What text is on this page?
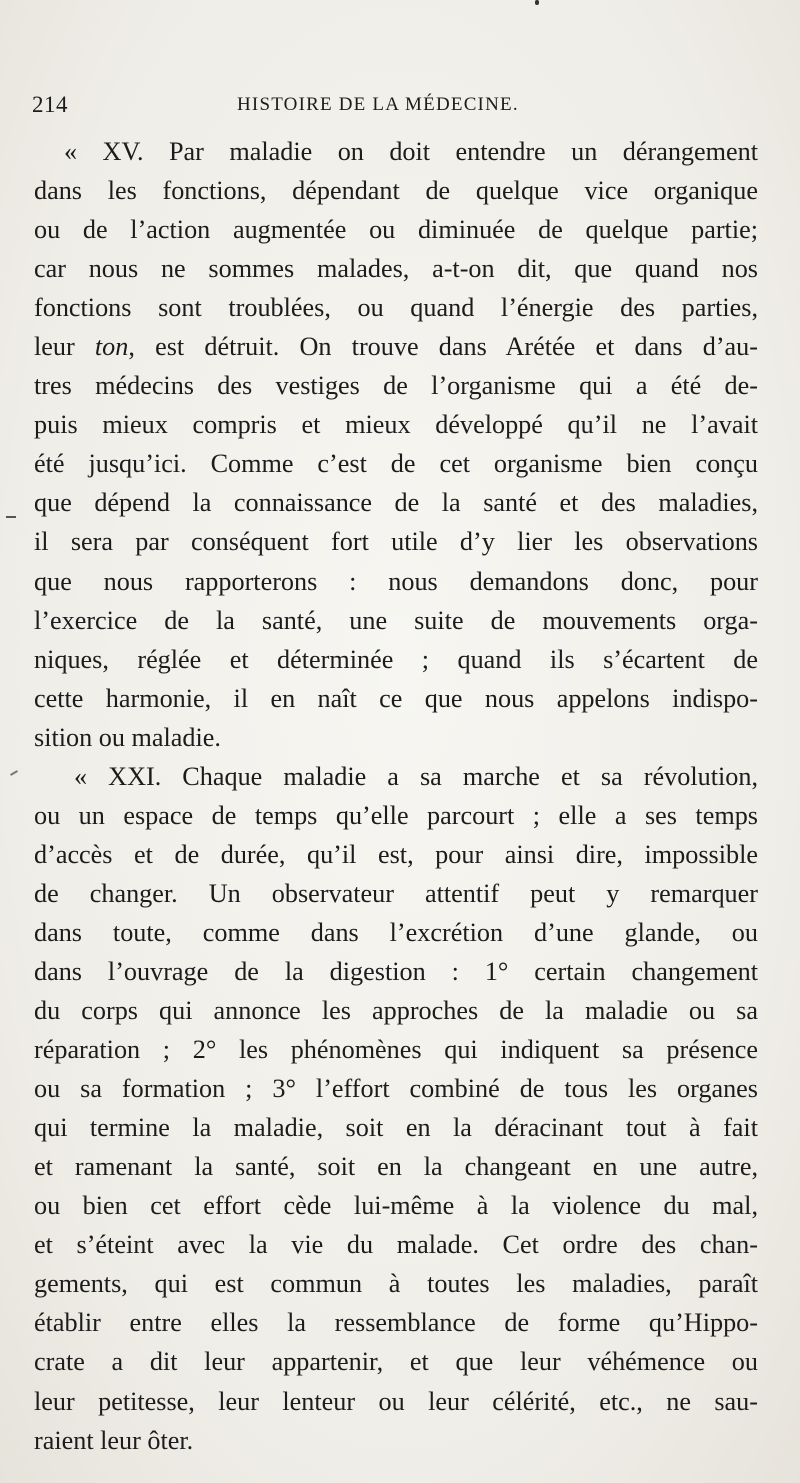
214	HISTOIRE DE LA MÉDECINE.
« XV. Par maladie on doit entendre un dérangement
dans les fonctions, dépendant de quelque vice organique
ou de l’action augmentée ou diminuée de quelque partie;
car nous ne sommes malades, a-t-on dit, que quand nos
fonctions sont troublées, ou quand l’énergie des parties,
leur ton, est détruit. On trouve dans Arétée et dans d’au-
tres médecins des vestiges de l’organisme qui a été de-
puis mieux compris et mieux développé qu’il ne l’avait
été jusqu’ici. Comme c’est de cet organisme bien conçu
que dépend la connaissance de la santé et des maladies,
il sera par conséquent fort utile d’y lier les observations
que nous rapporterons : nous demandons donc, pour
l’exercice de la santé, une suite de mouvements orga-
niques, réglée et déterminée ; quand ils s’écartent de
cette harmonie, il en naît ce que nous appelons indispo-
sition ou maladie.
« XXI. Chaque maladie a sa marche et sa révolution,
ou un espace de temps qu’elle parcourt ; elle a ses temps
d’accès et de durée, qu’il est, pour ainsi dire, impossible
de changer. Un observateur attentif peut y remarquer
dans toute, comme dans l’excrétion d’une glande, ou
dans l’ouvrage de la digestion : 1° certain changement
du corps qui annonce les approches de la maladie ou sa
réparation ; 2° les phénomènes qui indiquent sa présence
ou sa formation ; 3° l’effort combiné de tous les organes
qui termine la maladie, soit en la déracinant tout à fait
et ramenant la santé, soit en la changeant en une autre,
ou bien cet effort cède lui-même à la violence du mal,
et s’éteint avec la vie du malade. Cet ordre des chan-
gements, qui est commun à toutes les maladies, paraît
établir entre elles la ressemblance de forme qu’Hippo-
crate a dit leur appartenir, et que leur véhémence ou
leur petitesse, leur lenteur ou leur célérité, etc., ne sau-
raient leur ôter.
